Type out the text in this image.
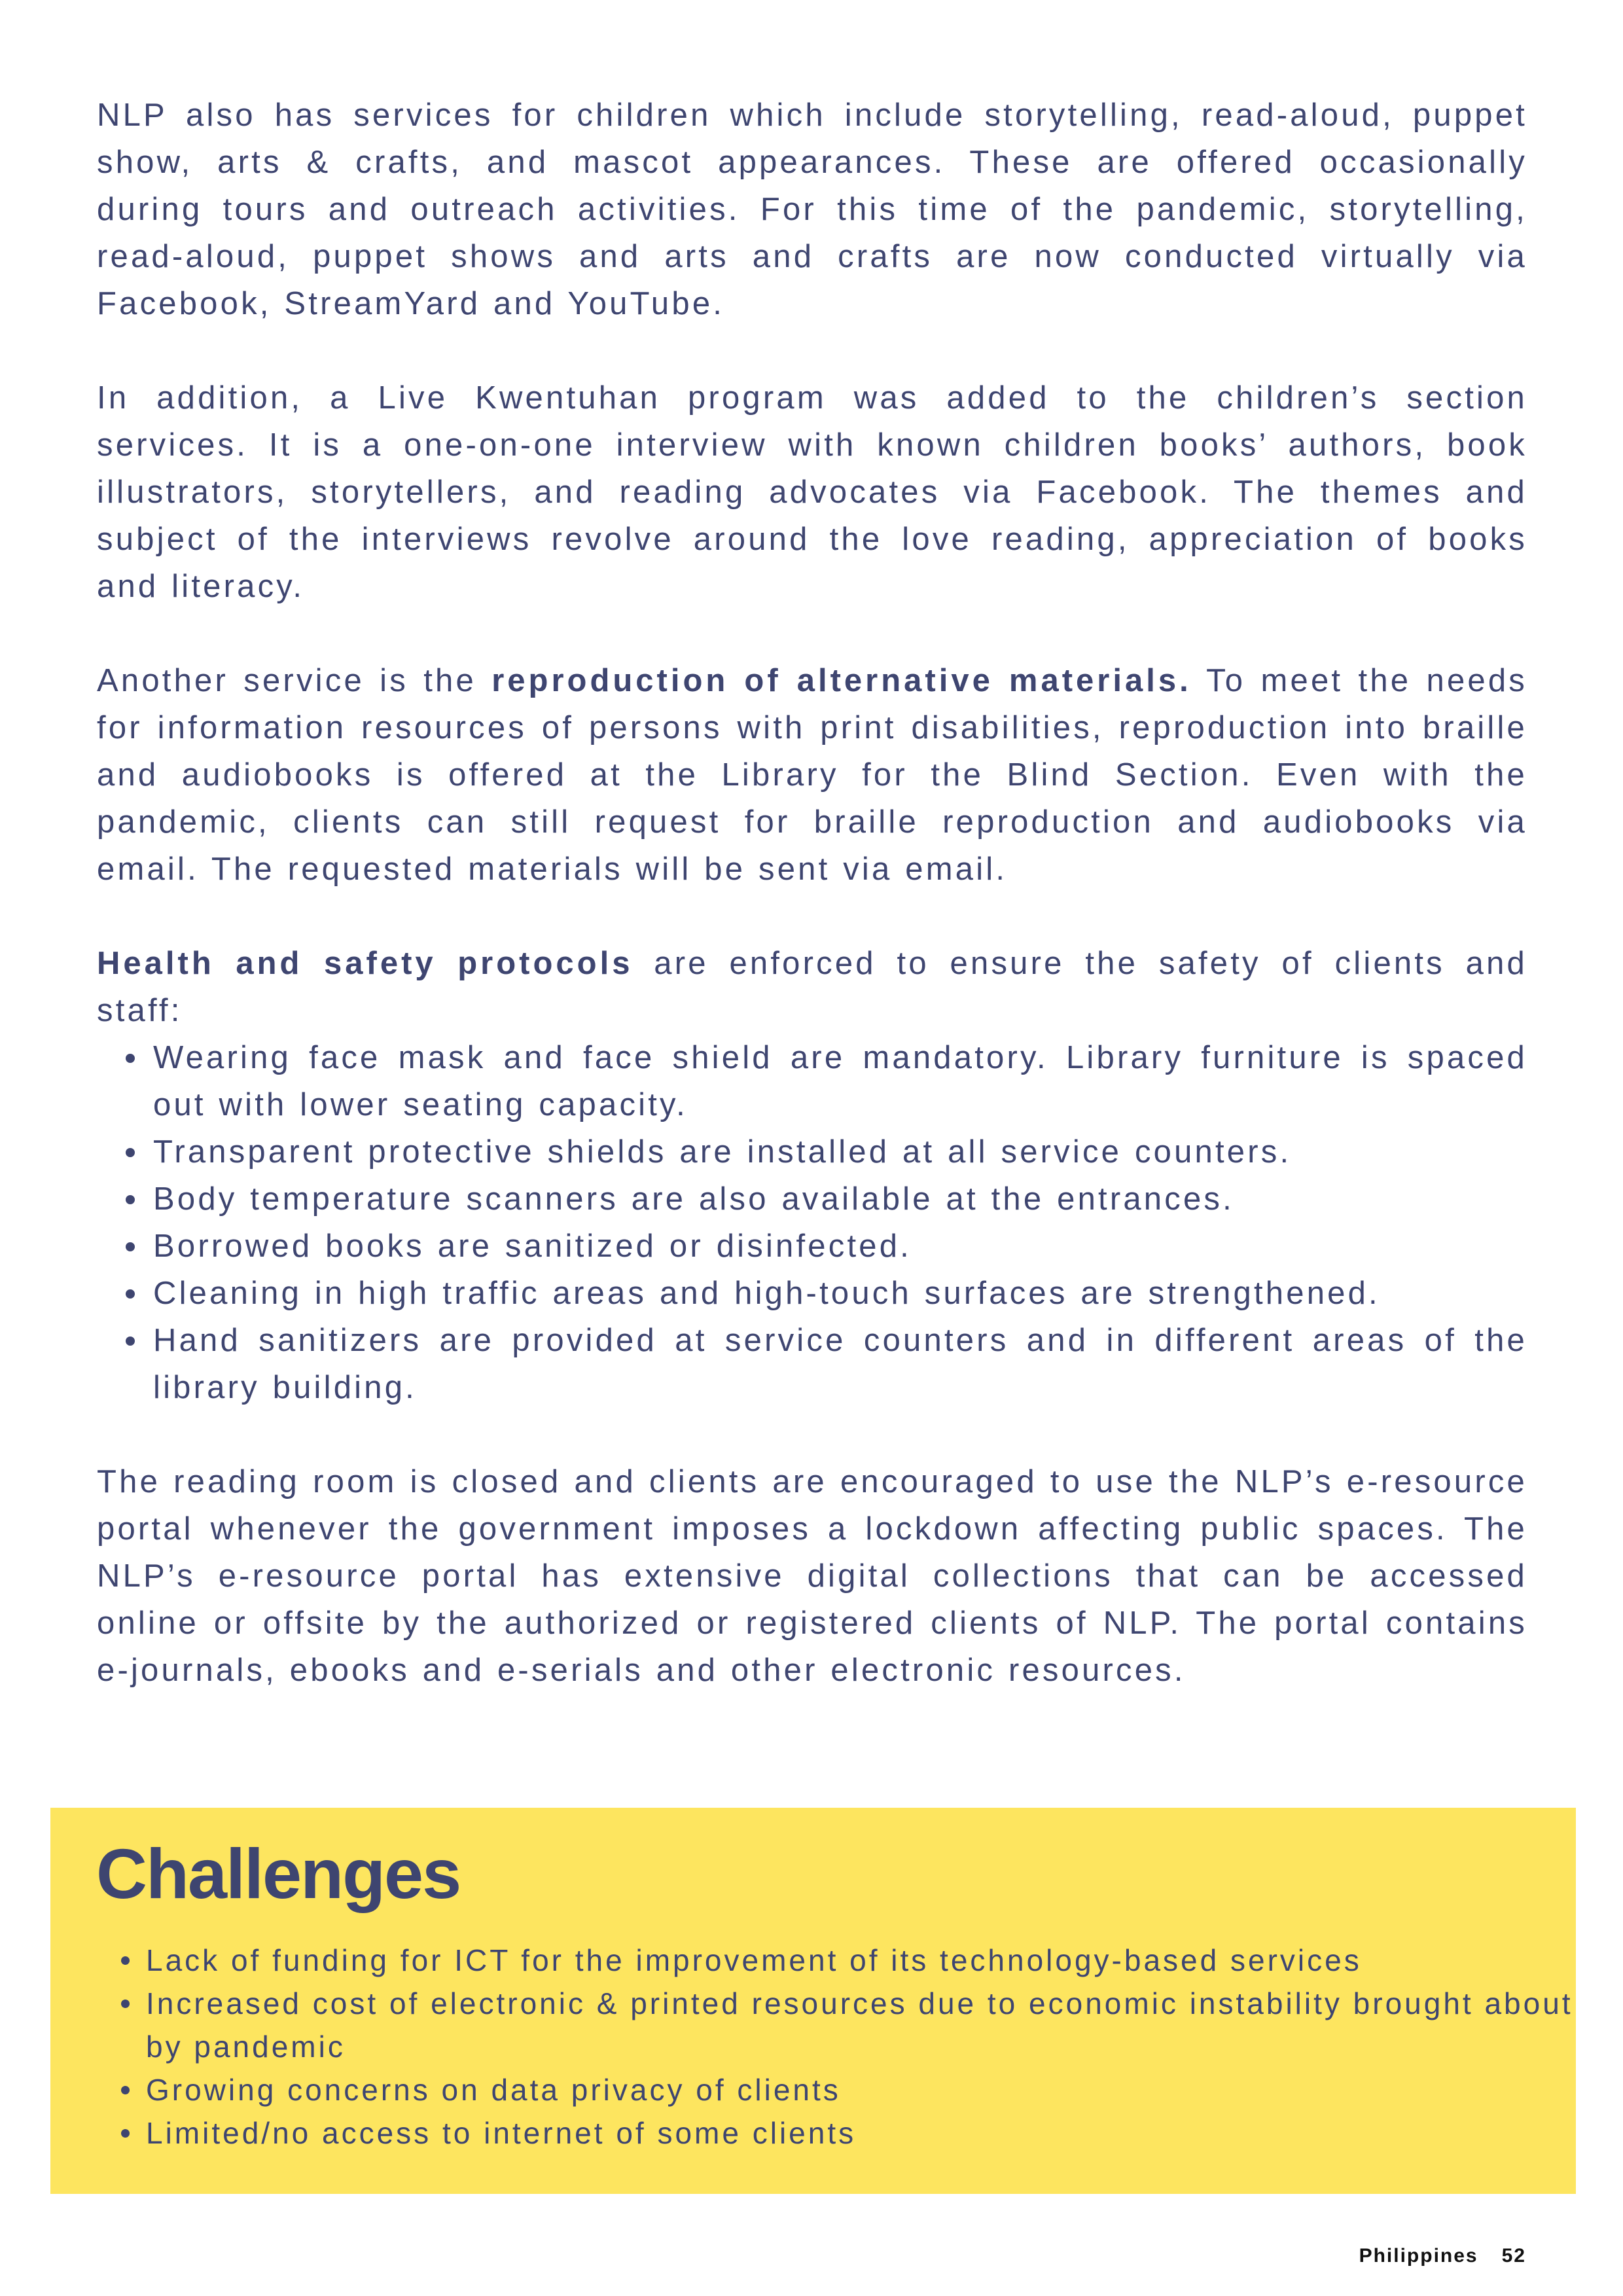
NLP also has services for children which include storytelling, read-aloud, puppet show, arts & crafts, and mascot appearances. These are offered occasionally during tours and outreach activities. For this time of the pandemic, storytelling, read-aloud, puppet shows and arts and crafts are now conducted virtually via Facebook, StreamYard and YouTube.

In addition, a Live Kwentuhan program was added to the children’s section services. It is a one-on-one interview with known children books’ authors, book illustrators, storytellers, and reading advocates via Facebook. The themes and subject of the interviews revolve around the love reading, appreciation of books and literacy.

Another service is the reproduction of alternative materials. To meet the needs for information resources of persons with print disabilities, reproduction into braille and audiobooks is offered at the Library for the Blind Section. Even with the pandemic, clients can still request for braille reproduction and audiobooks via email. The requested materials will be sent via email.

Health and safety protocols are enforced to ensure the safety of clients and staff:

Wearing face mask and face shield are mandatory. Library furniture is spaced out with lower seating capacity.
Transparent protective shields are installed at all service counters.
Body temperature scanners are also available at the entrances.
Borrowed books are sanitized or disinfected.
Cleaning in high traffic areas and high-touch surfaces are strengthened.
Hand sanitizers are provided at service counters and in different areas of the library building.

The reading room is closed and clients are encouraged to use the NLP’s e-resource portal whenever the government imposes a lockdown affecting public spaces. The NLP’s e-resource portal has extensive digital collections that can be accessed online or offsite by the authorized or registered clients of NLP. The portal contains e-journals, ebooks and e-serials and other electronic resources.

Challenges
Lack of funding for ICT for the improvement of its technology-based services
Increased cost of electronic & printed resources due to economic instability brought about by pandemic
Growing concerns on data privacy of clients
Limited/no access to internet of some clients
Philippines 52
